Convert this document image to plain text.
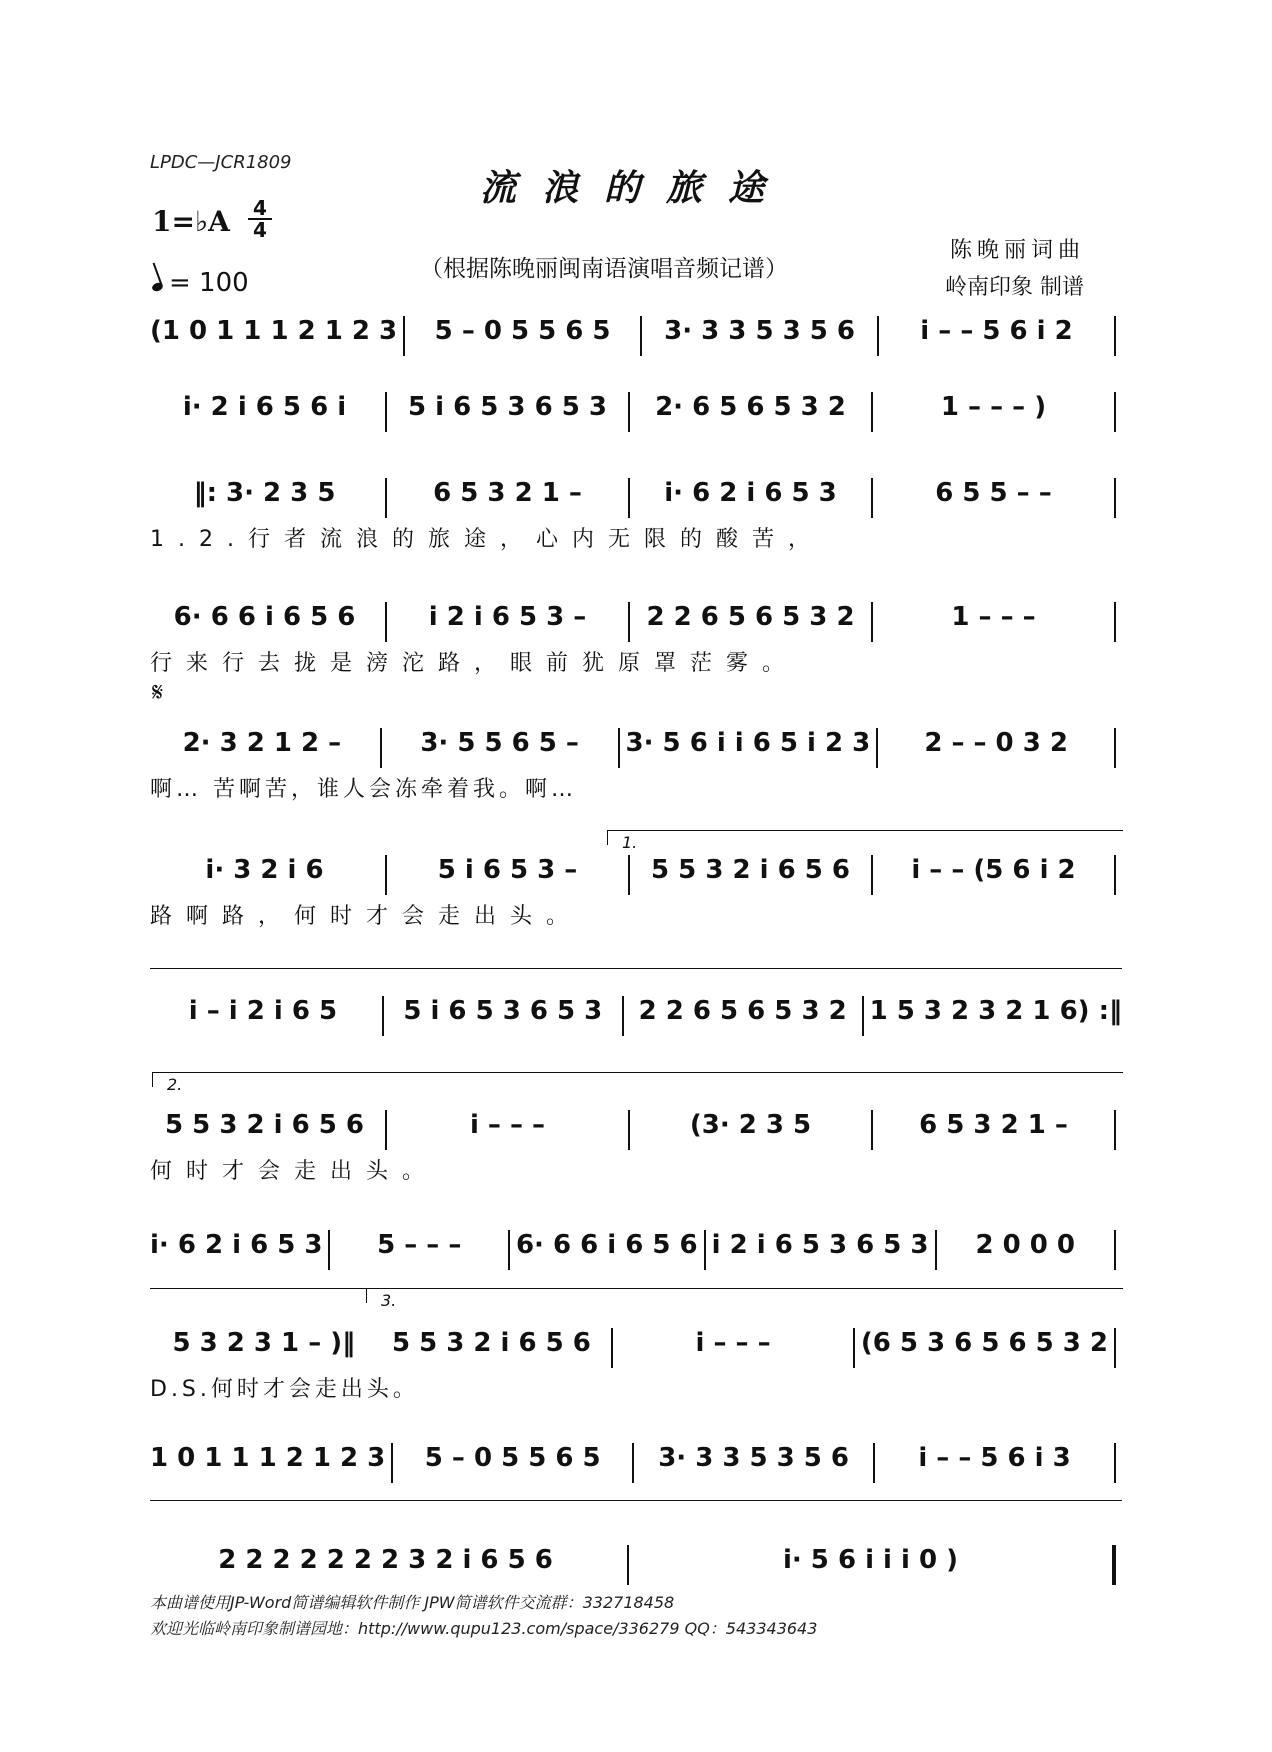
LPDC—JCR1809
流浪的旅途
1=♭A 4
4
= 100	（根据陈晚丽闽南语演唱音频记谱）
陈晚丽词曲
岭南印象 制谱
(1 0 1 1 1 2 1 2 3	5 – 0 5 5 6 5	3· 3 3 5 3 5 6	i – – 5 6 i 2
i· 2 i 6 5 6 i	5 i 6 5 3 6 5 3	2· 6 5 6 5 3 2	1 – – – )
‖: 3· 2 3 5	6 5 3 2 1 –	i· 6 2 i 6 5 3	6 5 5 – –
1.2.行者流浪的旅途，心内无限的酸苦，
6· 6 6 i 6 5 6	i 2 i 6 5 3 –	2 2 6 5 6 5 3 2	1 – – –
行来行去拢是滂沱路，眼前犹原罩茫雾。
2· 3 2 1 2 –	3· 5 5 6 5 –	3· 5 6 i i 6 5 i 2 3	2 – – 0 3 2
啊… 苦啊苦，谁人会冻牵着我。啊…
i· 3 2 i 6	5 i 6 5 3 –	5 5 3 2 i 6 5 6	i – – (5 6 i 2
路啊路，何时才会走出头。
i – i 2 i 6 5	5 i 6 5 3 6 5 3	2 2 6 5 6 5 3 2 1 5 3 2 3 2 1 6) :‖
5 5 3 2 i 6 5 6	i – – –	(3· 2 3 5	6 5 3 2 1 –
何时才会走出头。
i· 6 2 i 6 5 3	5 – – –	6· 6 6 i 6 5 6 i 2 i 6 5 3 6 5 3	2 0 0 0
5 3 2 3 1 – )‖	5 5 3 2 i 6 5 6	i – – –	(6 5 3 6 5 6 5 3 2
D.S.何时才会走出头。
1 0 1 1 1 2 1 2 3	5 – 0 5 5 6 5	3· 3 3 5 3 5 6	i – – 5 6 i 3
2 2 2 2 2 2 2 3 2 i 6 5 6	i· 5 6 i i i 0 )
𝄋
1.
2.
3.
本曲谱使用JP-Word简谱编辑软件制作 JPW简谱软件交流群：332718458
欢迎光临岭南印象制谱园地：http://www.qupu123.com/space/336279 QQ：543343643
